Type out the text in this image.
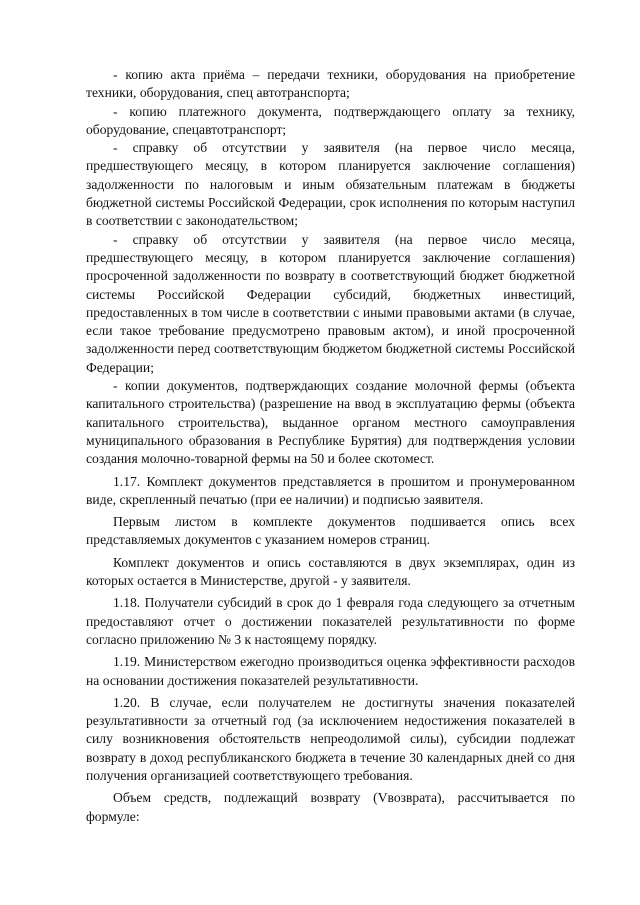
- копию акта приёма – передачи техники, оборудования на приобретение техники, оборудования, спец автотранспорта;

- копию платежного документа, подтверждающего оплату за технику, оборудование, спецавтотранспорт;

- справку об отсутствии у заявителя (на первое число месяца, предшествующего месяцу, в котором планируется заключение соглашения) задолженности по налоговым и иным обязательным платежам в бюджеты бюджетной системы Российской Федерации, срок исполнения по которым наступил в соответствии с законодательством;

- справку об отсутствии у заявителя (на первое число месяца, предшествующего месяцу, в котором планируется заключение соглашения) просроченной задолженности по возврату в соответствующий бюджет бюджетной системы Российской Федерации субсидий, бюджетных инвестиций, предоставленных в том числе в соответствии с иными правовыми актами (в случае, если такое требование предусмотрено правовым актом), и иной просроченной задолженности перед соответствующим бюджетом бюджетной системы Российской Федерации;

- копии документов, подтверждающих создание молочной фермы (объекта капитального строительства) (разрешение на ввод в эксплуатацию фермы (объекта капитального строительства), выданное органом местного самоуправления муниципального образования в Республике Бурятия) для подтверждения условии создания молочно-товарной фермы на 50 и более скотомест.

1.17. Комплект документов представляется в прошитом и пронумерованном виде, скрепленный печатью (при ее наличии) и подписью заявителя.

Первым листом в комплекте документов подшивается опись всех представляемых документов с указанием номеров страниц.

Комплект документов и опись составляются в двух экземплярах, один из которых остается в Министерстве, другой - у заявителя.

1.18. Получатели субсидий в срок до 1 февраля года следующего за отчетным предоставляют отчет о достижении показателей результативности по форме согласно приложению № 3 к настоящему порядку.

1.19. Министерством ежегодно производиться оценка эффективности расходов на основании достижения показателей результативности.

1.20. В случае, если получателем не достигнуты значения показателей результативности за отчетный год (за исключением недостижения показателей в силу возникновения обстоятельств непреодолимой силы), субсидии подлежат возврату в доход республиканского бюджета в течение 30 календарных дней со дня получения организацией соответствующего требования.

Объем средств, подлежащий возврату (Vвозврата), рассчитывается по формуле:
